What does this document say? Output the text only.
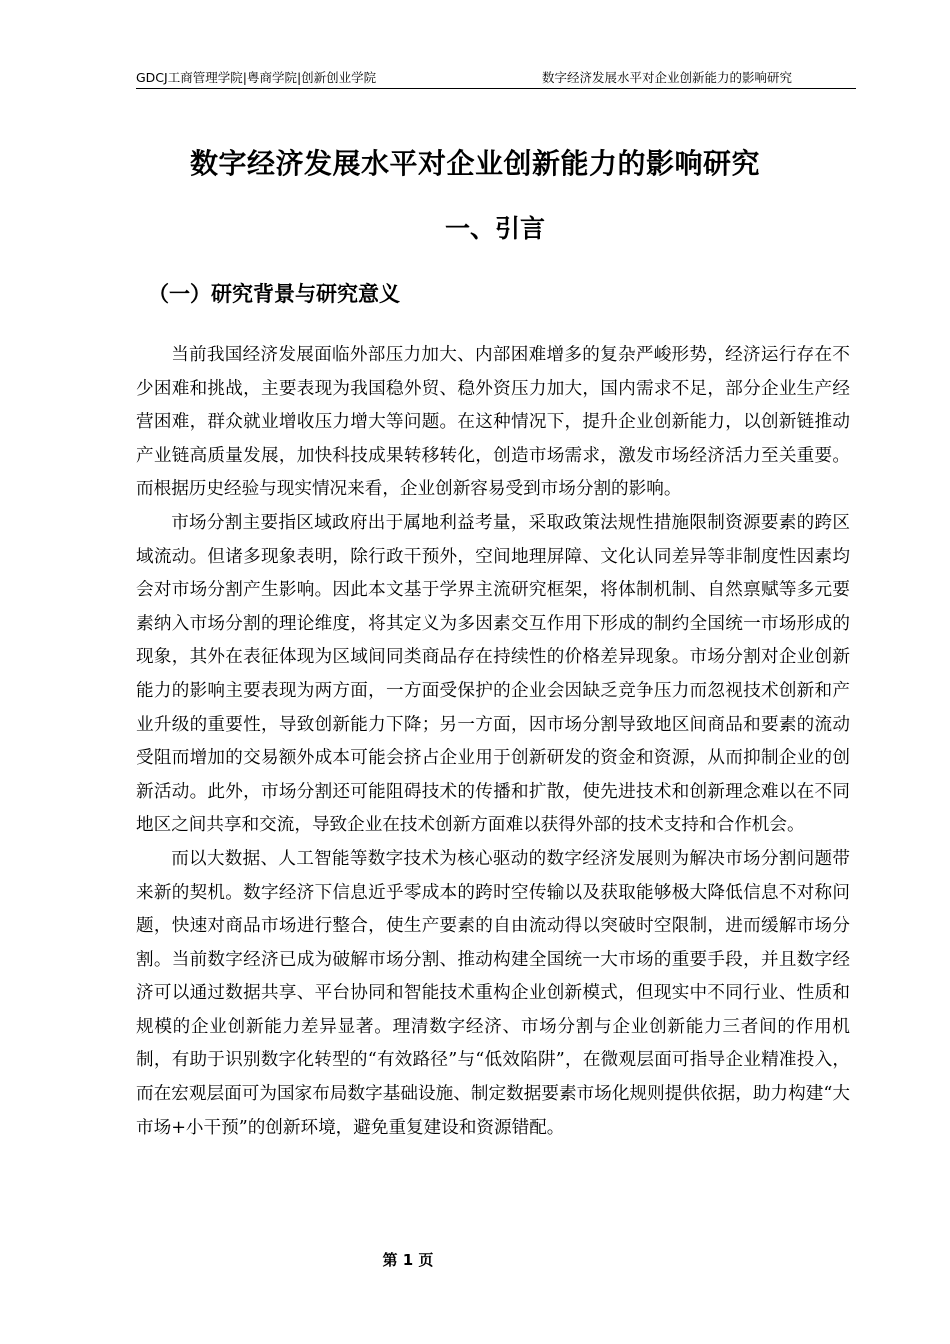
GDCJ工商管理学院|粤商学院|创新创业学院	数字经济发展水平对企业创新能力的影响研究
数字经济发展水平对企业创新能力的影响研究
一、引言
（一）研究背景与研究意义

当前我国经济发展面临外部压力加大、内部困难增多的复杂严峻形势，经济运行存在不少困难和挑战，主要表现为我国稳外贸、稳外资压力加大，国内需求不足，部分企业生产经营困难，群众就业增收压力增大等问题。在这种情况下，提升企业创新能力，以创新链推动产业链高质量发展，加快科技成果转移转化，创造市场需求，激发市场经济活力至关重要。而根据历史经验与现实情况来看，企业创新容易受到市场分割的影响。

市场分割主要指区域政府出于属地利益考量，采取政策法规性措施限制资源要素的跨区域流动。但诸多现象表明，除行政干预外，空间地理屏障、文化认同差异等非制度性因素均会对市场分割产生影响。因此本文基于学界主流研究框架，将体制机制、自然禀赋等多元要素纳入市场分割的理论维度，将其定义为多因素交互作用下形成的制约全国统一市场形成的现象，其外在表征体现为区域间同类商品存在持续性的价格差异现象。市场分割对企业创新能力的影响主要表现为两方面，一方面受保护的企业会因缺乏竞争压力而忽视技术创新和产业升级的重要性，导致创新能力下降；另一方面，因市场分割导致地区间商品和要素的流动受阻而增加的交易额外成本可能会挤占企业用于创新研发的资金和资源，从而抑制企业的创新活动。此外，市场分割还可能阻碍技术的传播和扩散，使先进技术和创新理念难以在不同地区之间共享和交流，导致企业在技术创新方面难以获得外部的技术支持和合作机会。

而以大数据、人工智能等数字技术为核心驱动的数字经济发展则为解决市场分割问题带来新的契机。数字经济下信息近乎零成本的跨时空传输以及获取能够极大降低信息不对称问题，快速对商品市场进行整合，使生产要素的自由流动得以突破时空限制，进而缓解市场分割。当前数字经济已成为破解市场分割、推动构建全国统一大市场的重要手段，并且数字经济可以通过数据共享、平台协同和智能技术重构企业创新模式，但现实中不同行业、性质和规模的企业创新能力差异显著。理清数字经济、市场分割与企业创新能力三者间的作用机制，有助于识别数字化转型的“有效路径”与“低效陷阱”，在微观层面可指导企业精准投入，而在宏观层面可为国家布局数字基础设施、制定数据要素市场化规则提供依据，助力构建“大市场+小干预”的创新环境，避免重复建设和资源错配。

第 1 页
